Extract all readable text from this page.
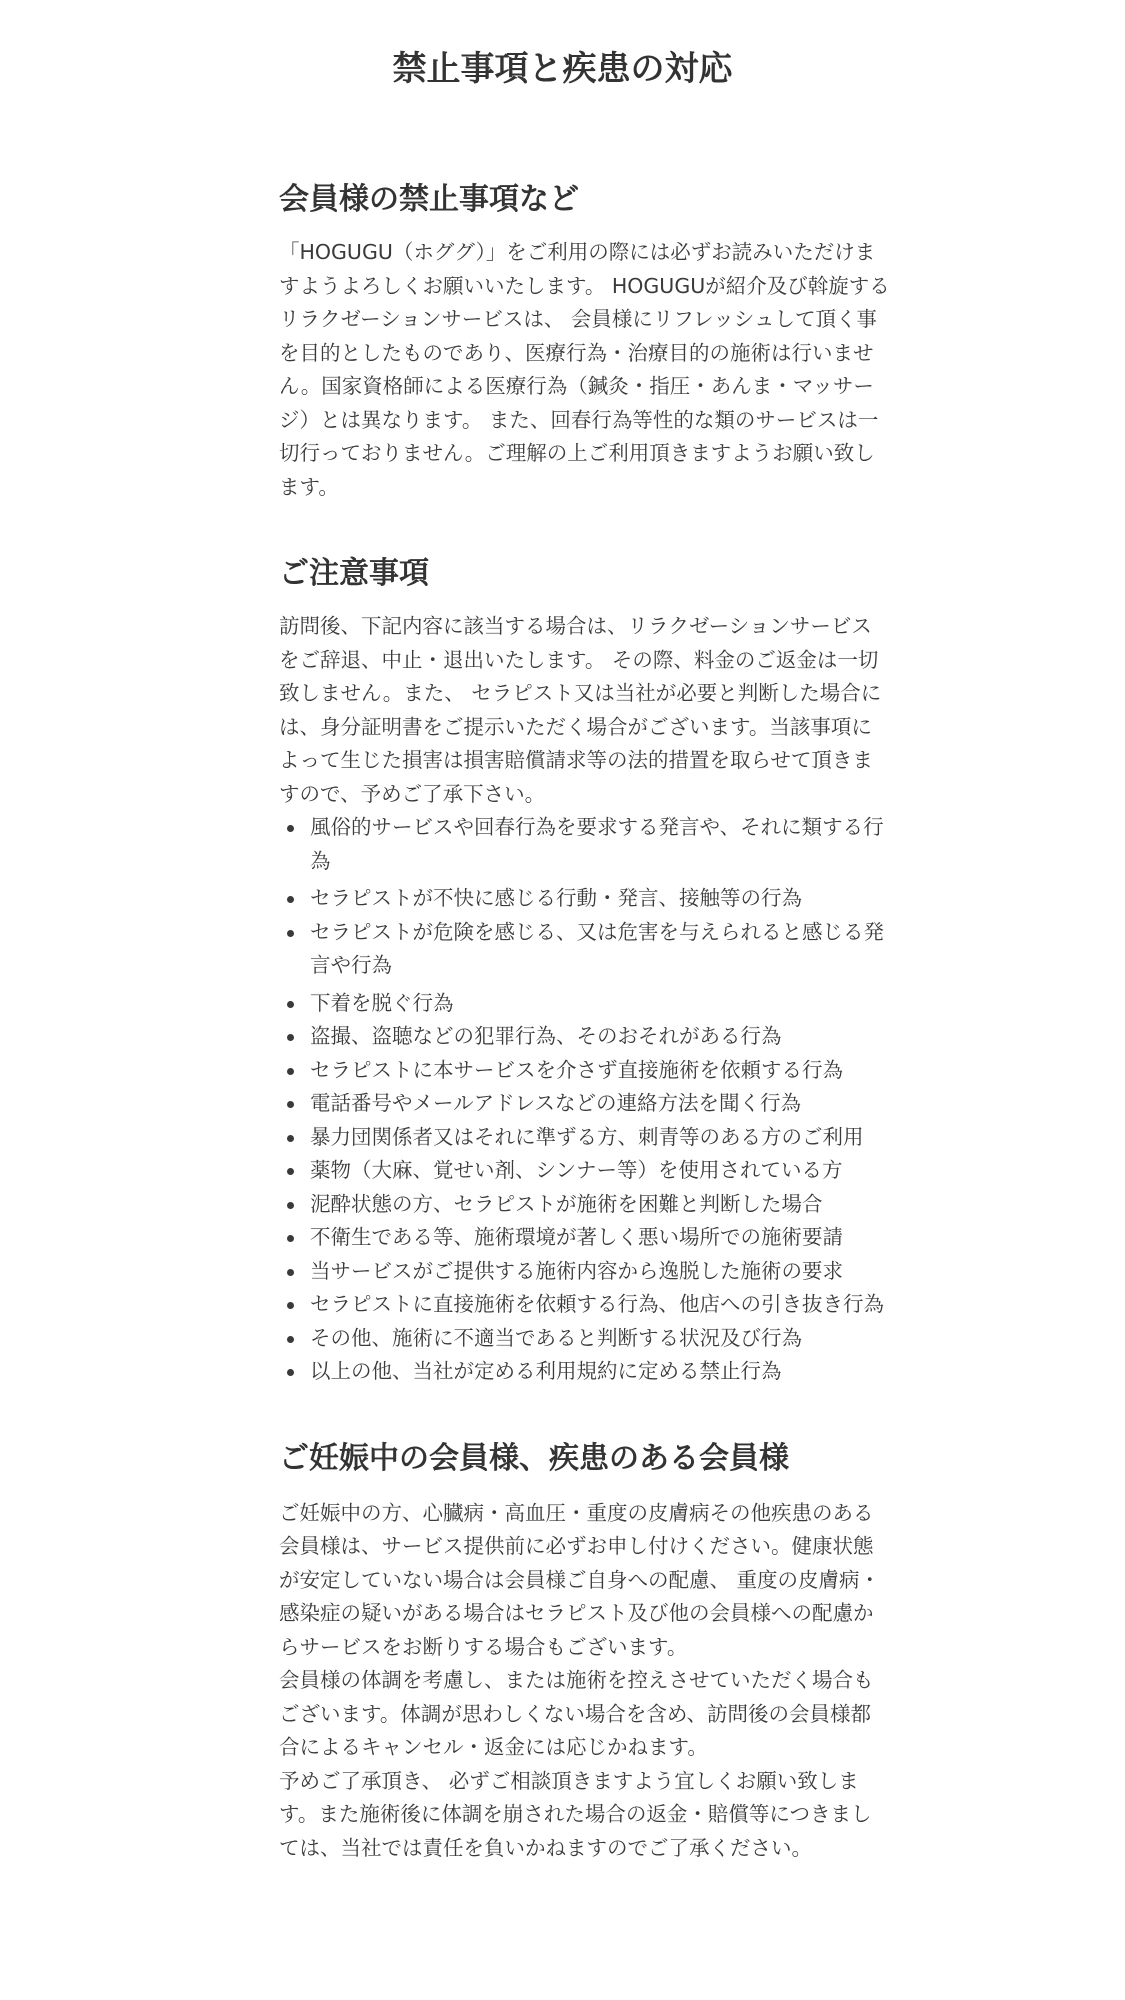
禁止事項と疾患の対応
会員様の禁止事項など

「HOGUGU（ホググ）」をご利用の際には必ずお読みいただけますようよろしくお願いいたします。 HOGUGUが紹介及び斡旋するリラクゼーションサービスは、 会員様にリフレッシュして頂く事を目的としたものであり、医療行為・治療目的の施術は行いません。国家資格師による医療行為（鍼灸・指圧・あんま・マッサージ）とは異なります。 また、回春行為等性的な類のサービスは一切行っておりません。ご理解の上ご利用頂きますようお願い致します。

ご注意事項

訪問後、下記内容に該当する場合は、リラクゼーションサービスをご辞退、中止・退出いたします。 その際、料金のご返金は一切致しません。また、 セラピスト又は当社が必要と判断した場合には、身分証明書をご提示いただく場合がございます。当該事項によって生じた損害は損害賠償請求等の法的措置を取らせて頂きますので、予めご了承下さい。

風俗的サービスや回春行為を要求する発言や、それに類する行為
セラピストが不快に感じる行動・発言、接触等の行為
セラピストが危険を感じる、又は危害を与えられると感じる発言や行為
下着を脱ぐ行為
盗撮、盗聴などの犯罪行為、そのおそれがある行為
セラピストに本サービスを介さず直接施術を依頼する行為
電話番号やメールアドレスなどの連絡方法を聞く行為
暴力団関係者又はそれに準ずる方、刺青等のある方のご利用
薬物（大麻、覚せい剤、シンナー等）を使用されている方
泥酔状態の方、セラピストが施術を困難と判断した場合
不衛生である等、施術環境が著しく悪い場所での施術要請
当サービスがご提供する施術内容から逸脱した施術の要求
セラピストに直接施術を依頼する行為、他店への引き抜き行為
その他、施術に不適当であると判断する状況及び行為
以上の他、当社が定める利用規約に定める禁止行為
ご妊娠中の会員様、疾患のある会員様

ご妊娠中の方、心臓病・高血圧・重度の皮膚病その他疾患のある会員様は、サービス提供前に必ずお申し付けください。健康状態が安定していない場合は会員様ご自身への配慮、 重度の皮膚病・感染症の疑いがある場合はセラピスト及び他の会員様への配慮からサービスをお断りする場合もございます。

会員様の体調を考慮し、または施術を控えさせていただく場合もございます。体調が思わしくない場合を含め、訪問後の会員様都合によるキャンセル・返金には応じかねます。

予めご了承頂き、 必ずご相談頂きますよう宜しくお願い致します。また施術後に体調を崩された場合の返金・賠償等につきましては、当社では責任を負いかねますのでご了承ください。
